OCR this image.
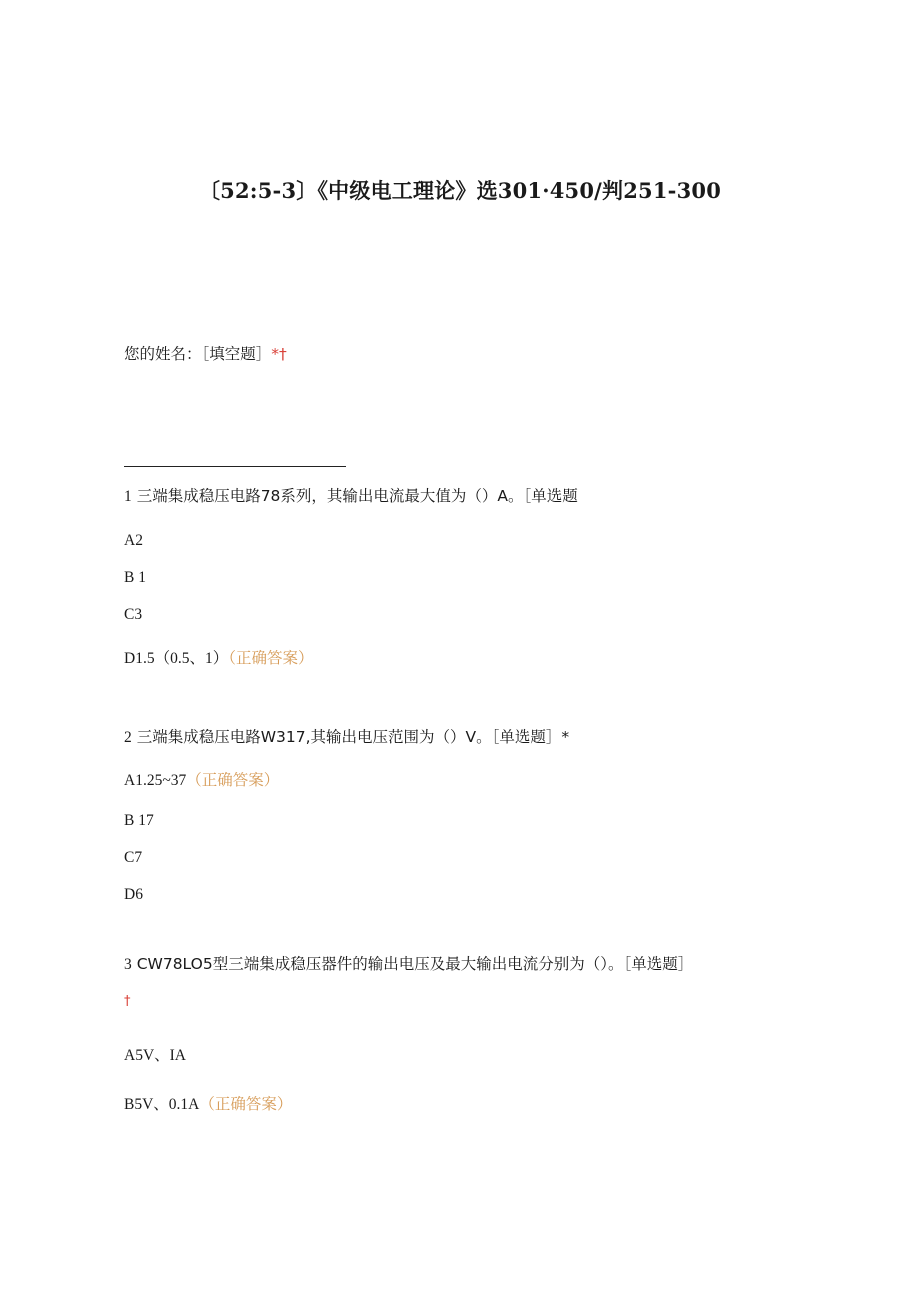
〔52:5-3〕《中级电工理论》选301·450/判251-300
您的姓名：［填空题］*†
1 三端集成稳压电路78系列，其输出电流最大值为（）A。［单选题
A2
B 1
C3
D1.5（0.5、1）（正确答案）
2 三端集成稳压电路W317,其输出电压范围为（）V。［单选题］*
A1.25~37（正确答案）
B 17
C7
D6
3 CW78LO5型三端集成稳压器件的输出电压及最大输出电流分别为（）。［单选题］
†
A5V、IA
B5V、0.1A（正确答案）
